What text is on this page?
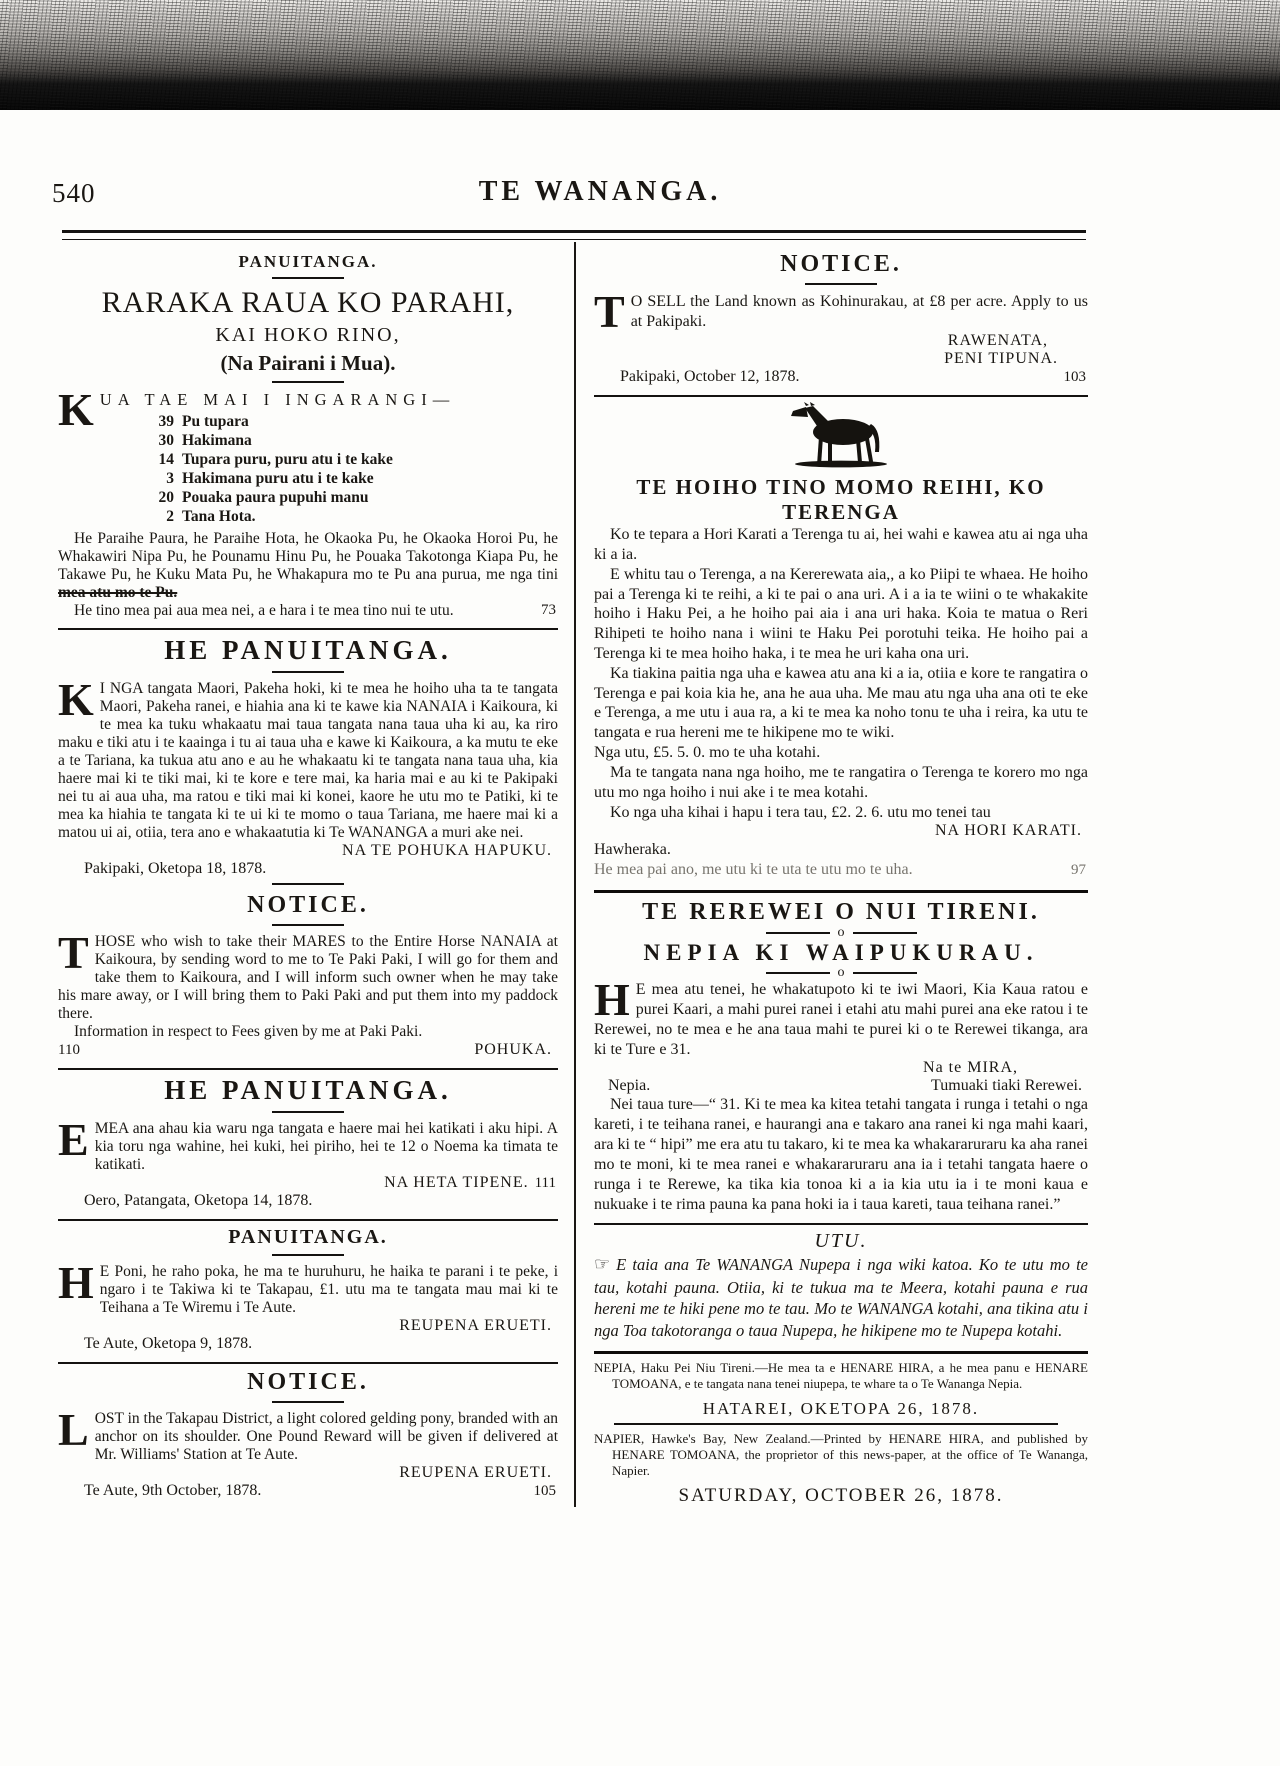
540	TE WANANGA.
PANUITANGA.
RARAKA RAUA KO PARAHI,
KAI HOKO RINO,
(Na Pairani i Mua).

KUA TAE MAI I INGARANGI—

39 Pu tupara
30 Hakimana
14 Tupara puru, puru atu i te kake
3 Hakimana puru atu i te kake
20 Pouaka paura pupuhi manu
2 Tana Hota.

He Paraihe Paura, he Paraihe Hota, he Okaoka Pu, he Okaoka Horoi Pu, he Whakawiri Nipa Pu, he Pounamu Hinu Pu, he Pouaka Takotonga Kiapa Pu, he Takawe Pu, he Kuku Mata Pu, he Whakapura mo te Pu ana purua, me nga tini mea atu mo te Pu.

He tino mea pai aua mea nei, a e hara i te mea tino nui te utu.	73
HE PANUITANGA.

K I NGA tangata Maori, Pakeha hoki, ki te mea he hoiho uha ta te tangata Maori, Pakeha ranei, e hiahia ana ki te kawe kia NANAIA i Kaikoura, ki te mea ka tuku whakaatu mai taua tangata nana taua uha ki au, ka riro maku e tiki atu i te kaainga i tu ai taua uha e kawe ki Kaikoura, a ka mutu te eke a te Tariana, ka tukua atu ano e au he whakaatu ki te tangata nana taua uha, kia haere mai ki te tiki mai, ki te kore e tere mai, ka haria mai e au ki te Pakipaki nei tu ai aua uha, ma ratou e tiki mai ki konei, kaore he utu mo te Patiki, ki te mea ka hiahia te tangata ki te ui ki te momo o taua Tariana, me haere mai ki a matou ui ai, otiia, tera ano e whakaatutia ki Te WANANGA a muri ake nei.

NA TE POHUKA HAPUKU.
Pakipaki, Oketopa 18, 1878.
NOTICE.

THOSE who wish to take their MARES to the Entire Horse NANAIA at Kaikoura, by sending word to me to Te Paki Paki, I will go for them and take them to Kaikoura, and I will inform such owner when he may take his mare away, or I will bring them to Paki Paki and put them into my paddock there.

Information in respect to Fees given by me at Paki Paki.

110	POHUKA.
HE PANUITANGA.

EMEA ana ahau kia waru nga tangata e haere mai hei katikati i aku hipi. A kia toru nga wahine, hei kuki, hei piriho, hei te 12 o Noema ka timata te katikati.

NA HETA TIPENE. 111
Oero, Patangata, Oketopa 14, 1878.
PANUITANGA.

H E Poni, he raho poka, he ma te huruhuru, he haika te parani i te peke, i ngaro i te Takiwa ki te Takapau, £1. utu ma te tangata mau mai ki te Teihana a Te Wiremu i Te Aute.

REUPENA ERUETI.
Te Aute, Oketopa 9, 1878.
NOTICE.

LOST in the Takapau District, a light colored gelding pony, branded with an anchor on its shoulder. One Pound Reward will be given if delivered at Mr. Williams' Station at Te Aute.

REUPENA ERUETI.
Te Aute, 9th October, 1878.	105
NOTICE.

T O SELL the Land known as Kohinurakau, at £8 per acre. Apply to us at Pakipaki.

RAWENATA,
PENI TIPUNA.
Pakipaki, October 12, 1878.	103
TE HOIHO TINO MOMO REIHI, KO
TERENGA

Ko te tepara a Hori Karati a Terenga tu ai, hei wahi e kawea atu ai nga uha ki a ia.

E whitu tau o Terenga, a na Kererewata aia,, a ko Piipi te whaea. He hoiho pai a Terenga ki te reihi, a ki te pai o ana uri. A i a ia te wiini o te whakakite hoiho i Haku Pei, a he hoiho pai aia i ana uri haka. Koia te matua o Reri Rihipeti te hoiho nana i wiini te Haku Pei porotuhi teika. He hoiho pai a Terenga ki te mea hoiho haka, i te mea he uri kaha ona uri.

Ka tiakina paitia nga uha e kawea atu ana ki a ia, otiia e kore te rangatira o Terenga e pai koia kia he, ana he aua uha. Me mau atu nga uha ana oti te eke e Terenga, a me utu i aua ra, a ki te mea ka noho tonu te uha i reira, ka utu te tangata e rua hereni me te hikipene mo te wiki.

Nga utu, £5. 5. 0. mo te uha kotahi.

Ma te tangata nana nga hoiho, me te rangatira o Terenga te korero mo nga utu mo nga hoiho i nui ake i te mea kotahi.

Ko nga uha kihai i hapu i tera tau, £2. 2. 6. utu mo tenei tau

NA HORI KARATI.
Hawheraka.
He mea pai ano, me utu ki te uta te utu mo te uha.	97
TE REREWEI O NUI TIRENI.
o
NEPIA KI WAIPUKURAU.
o

H E mea atu tenei, he whakatupoto ki te iwi Maori, Kia Kaua ratou e purei Kaari, a mahi purei ranei i etahi atu mahi purei ana eke ratou i te Rerewei, no te mea e he ana taua mahi te purei ki o te Rerewei tikanga, ara ki te Ture e 31.

Na te MIRA,
Nepia.	Tumuaki tiaki Rerewei.

Nei taua ture—“ 31. Ki te mea ka kitea tetahi tangata i runga i tetahi o nga kareti, i te teihana ranei, e haurangi ana e takaro ana ranei ki nga mahi kaari, ara ki te “ hipi” me era atu tu takaro, ki te mea ka whakararuraru ka aha ranei mo te moni, ki te mea ranei e whakararuraru ana ia i tetahi tangata haere o runga i te Rerewe, ka tika kia tonoa ki a ia kia utu ia i te moni kaua e nukuake i te rima pauna ka pana hoki ia i taua kareti, taua teihana ranei.”

UTU.

☞ E taia ana Te WANANGA Nupepa i nga wiki katoa. Ko te utu mo te tau, kotahi pauna. Otiia, ki te tukua ma te Meera, kotahi pauna e rua hereni me te hiki pene mo te tau. Mo te WANANGA kotahi, ana tikina atu i nga Toa takotoranga o taua Nupepa, he hikipene mo te Nupepa kotahi.

NEPIA, Haku Pei Niu Tireni.—He mea ta e HENARE HIRA, a he mea panu e HENARE TOMOANA, e te tangata nana tenei niupepa, te whare ta o Te Wananga Nepia.

HATAREI, OKETOPA 26, 1878.

NAPIER, Hawke's Bay, New Zealand.—Printed by HENARE HIRA, and published by HENARE TOMOANA, the proprietor of this news-paper, at the office of Te Wananga, Napier.

SATURDAY, OCTOBER 26, 1878.
